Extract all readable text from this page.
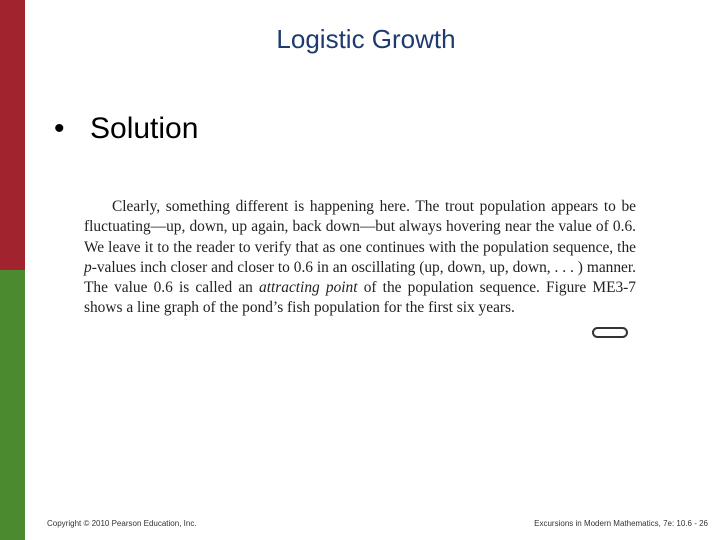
Logistic Growth
• Solution

Clearly, something different is happening here. The trout population appears to be fluctuating—up, down, up again, back down—but always hovering near the value of 0.6. We leave it to the reader to verify that as one continues with the population sequence, the p-values inch closer and closer to 0.6 in an oscillating (up, down, up, down, . . . ) manner. The value 0.6 is called an attracting point of the population sequence. Figure ME3-7 shows a line graph of the pond’s fish population for the first six years.

Copyright © 2010 Pearson Education, Inc.	Excursions in Modern Mathematics, 7e: 10.6 - 26
